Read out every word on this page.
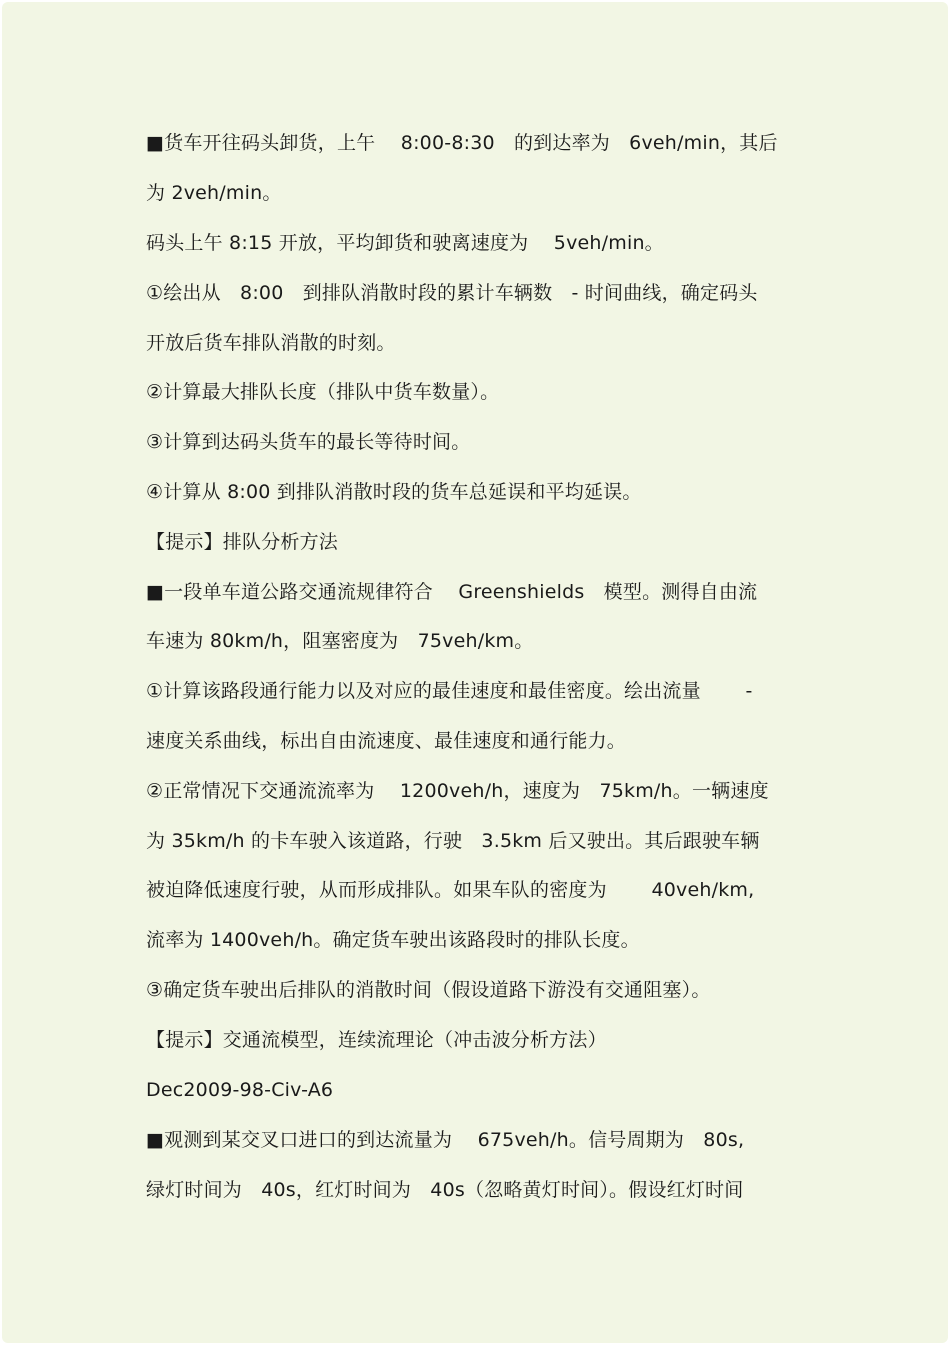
■货车开往码头卸货，上午　 8:00-8:30　的到达率为　6veh/min，其后
为 2veh/min。
码头上午 8:15 开放，平均卸货和驶离速度为　 5veh/min。
①绘出从　8:00　到排队消散时段的累计车辆数　- 时间曲线，确定码头
开放后货车排队消散的时刻。
②计算最大排队长度（排队中货车数量）。
③计算到达码头货车的最长等待时间。
④计算从 8:00 到排队消散时段的货车总延误和平均延误。
【提示】排队分析方法
■一段单车道公路交通流规律符合　 Greenshields　模型。测得自由流
车速为 80km/h，阻塞密度为　75veh/km。
①计算该路段通行能力以及对应的最佳速度和最佳密度。绘出流量　　 -
速度关系曲线，标出自由流速度、最佳速度和通行能力。
②正常情况下交通流流率为　 1200veh/h，速度为　75km/h。一辆速度
为 35km/h 的卡车驶入该道路，行驶　3.5km 后又驶出。其后跟驶车辆
被迫降低速度行驶，从而形成排队。如果车队的密度为　　 40veh/km,
流率为 1400veh/h。确定货车驶出该路段时的排队长度。
③确定货车驶出后排队的消散时间（假设道路下游没有交通阻塞）。
【提示】交通流模型，连续流理论（冲击波分析方法）
Dec2009-98-Civ-A6
■观测到某交叉口进口的到达流量为　 675veh/h。信号周期为　80s,
绿灯时间为　40s，红灯时间为　40s（忽略黄灯时间）。假设红灯时间
